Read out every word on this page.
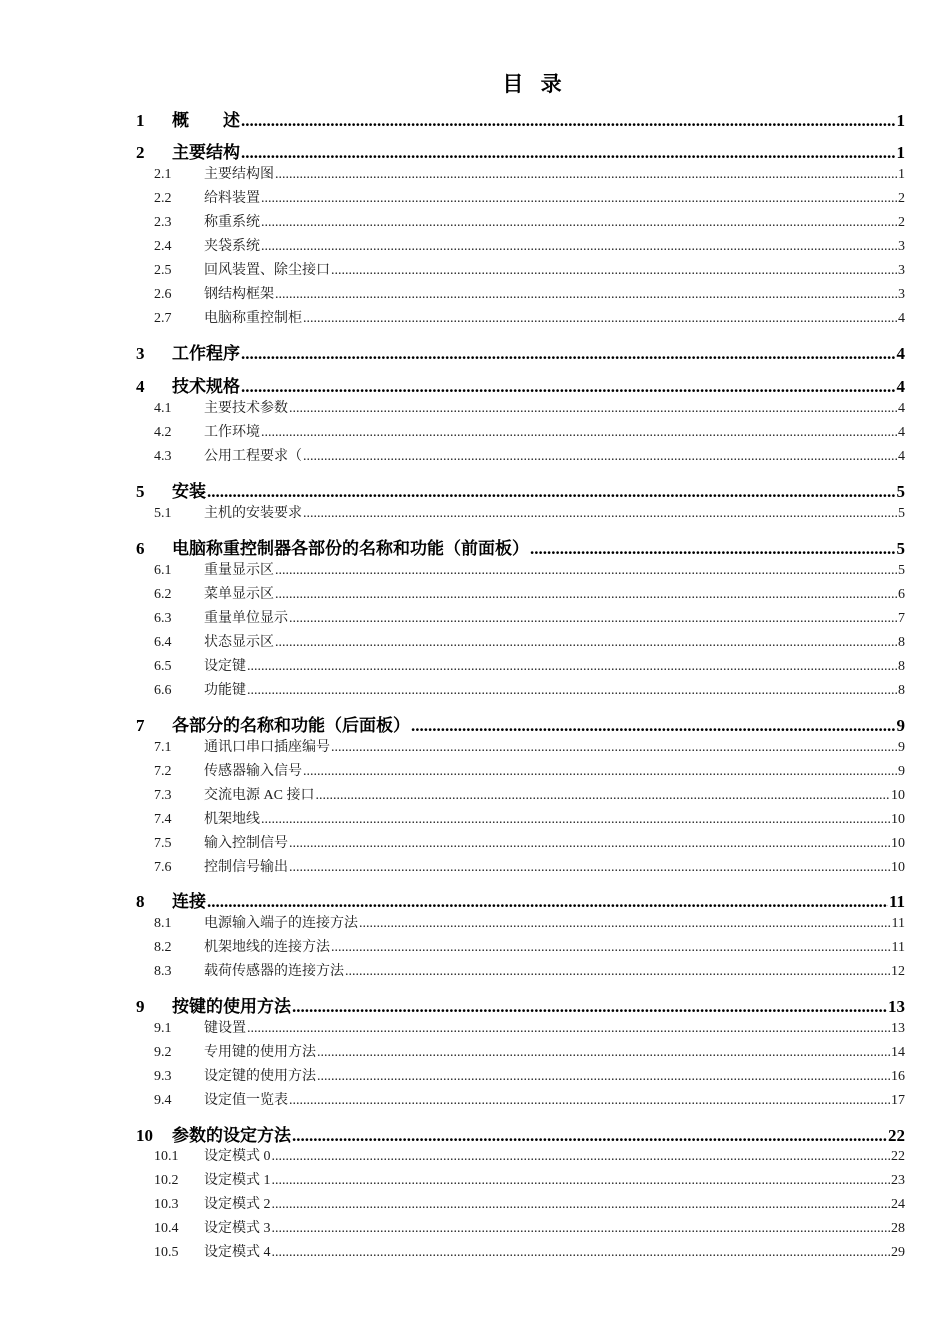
目 录
1	概　　述 .....	1
2	主要结构 .....	1
2.1	主要结构图 .....	1
2.2	给料装置 .....	2
2.3	称重系统 .....	2
2.4	夹袋系统 .....	3
2.5	回风装置、除尘接口 .....	3
2.6	钢结构框架 .....	3
2.7	电脑称重控制柜 .....	4
3	工作程序 .....	4
4	技术规格 .....	4
4.1	主要技术参数 .....	4
4.2	工作环境 .....	4
4.3	公用工程要求（ .....	4
5	安装 .....	5
5.1	主机的安装要求 .....	5
6	电脑称重控制器各部份的名称和功能（前面板） .....	5
6.1	重量显示区 .....	5
6.2	菜单显示区 .....	6
6.3	重量单位显示 .....	7
6.4	状态显示区 .....	8
6.5	设定键 .....	8
6.6	功能键 .....	8
7	各部分的名称和功能（后面板） .....	9
7.1	通讯口串口插座编号 .....	9
7.2	传感器输入信号 .....	9
7.3	交流电源 AC 接口 .....	10
7.4	机架地线 .....	10
7.5	输入控制信号 .....	10
7.6	控制信号输出 .....	10
8	连接 .....	11
8.1	电源输入端子的连接方法 .....	11
8.2	机架地线的连接方法 .....	11
8.3	载荷传感器的连接方法 .....	12
9	按键的使用方法 .....	13
9.1	键设置 .....	13
9.2	专用键的使用方法 .....	14
9.3	设定键的使用方法 .....	16
9.4	设定值一览表 .....	17
10	参数的设定方法 .....	22
10.1	设定模式 0 .....	22
10.2	设定模式 1 .....	23
10.3	设定模式 2 .....	24
10.4	设定模式 3 .....	28
10.5	设定模式 4 .....	29
